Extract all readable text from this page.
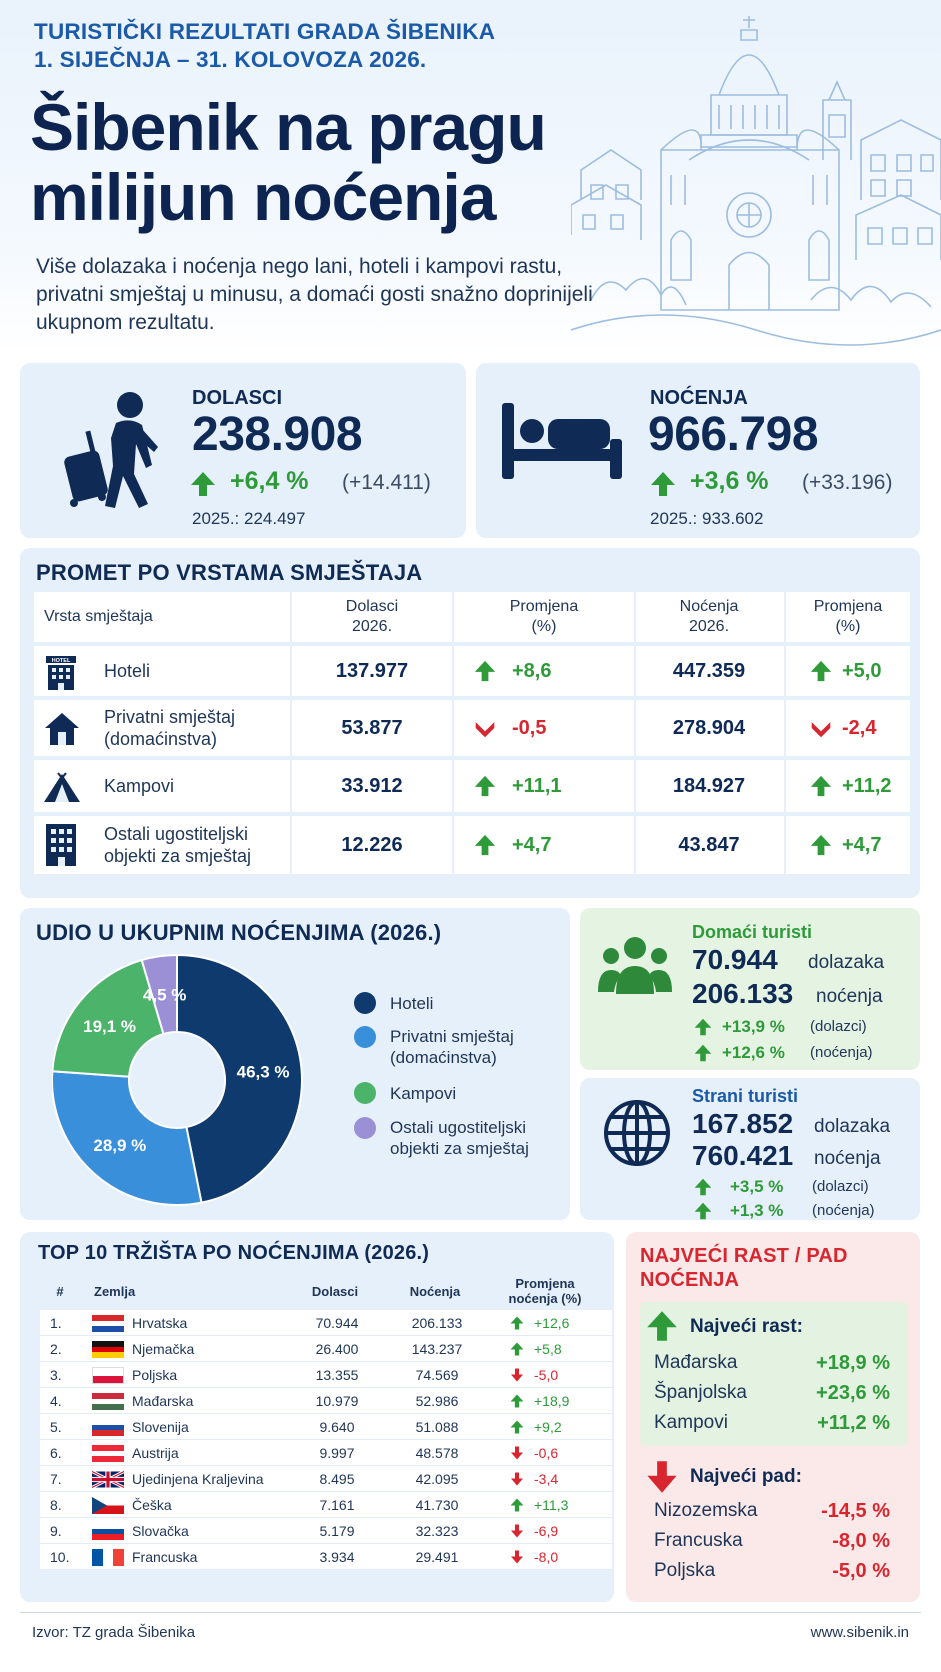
TURISTIČKI REZULTATI GRADA ŠIBENIKA
1. SIJEČNJA – 31. KOLOVOZA 2026.
Šibenik na pragu
milijun noćenja
Više dolazaka i noćenja nego lani, hoteli i kampovi rastu, privatni smještaj u minusu, a domaći gosti snažno doprinijeli ukupnom rezultatu.
DOLASCI
238.908
+6,4 % (+14.411)
2025.: 224.497
NOĆENJA
966.798
+3,6 % (+33.196)
2025.: 933.602
PROMET PO VRSTAMA SMJEŠTAJA
Vrsta smještaja
Dolasci
2026.
Promjena
(%)
Noćenja
2026.
Promjena
(%)
HOTEL Hoteli	137.977	+8,6	447.359	+5,0
Privatni smještaj
(domaćinstva)
53.877	-0,5	278.904	-2,4
Kampovi	33.912	+11,1	184.927	+11,2
Ostali ugostiteljski
objekti za smještaj
12.226	+4,7	43.847	+4,7
UDIO U UKUPNIM NOĆENJIMA (2026.)
46,3 %
28,9 %
19,1 %
4,5 %	Hoteli
Privatni smještaj
(domaćinstva)
Kampovi
Ostali ugostiteljski
objekti za smještaj
Domaći turisti
70.944 dolazaka
206.133 noćenja
+13,9 % (dolazci)
+12,6 % (noćenja)
Strani turisti
167.852 dolazaka
760.421 noćenja
+3,5 % (dolazci)
+1,3 % (noćenja)
TOP 10 TRŽIŠTA PO NOĆENJIMA (2026.)
#	Zemlja	Dolasci	Noćenja
Promjena
noćenja (%)
1.	Hrvatska	70.944	206.133	+12,6
2.	Njemačka	26.400	143.237	+5,8
3.	Poljska	13.355	74.569	-5,0
4.	Mađarska	10.979	52.986	+18,9
5.	Slovenija	9.640	51.088	+9,2
6.	Austrija	9.997	48.578	-0,6
7.	Ujedinjena Kraljevina	8.495	42.095	-3,4
8.	Češka	7.161	41.730	+11,3
9.	Slovačka	5.179	32.323	-6,9
10.	Francuska	3.934	29.491	-8,0
NAJVEĆI RAST / PAD
NOĆENJA
Najveći rast:
Mađarska	+18,9 %
Španjolska	+23,6 %
Kampovi	+11,2 %
Najveći pad:
Nizozemska	-14,5 %
Francuska	-8,0 %
Poljska	-5,0 %
Izvor: TZ grada Šibenika	www.sibenik.in
